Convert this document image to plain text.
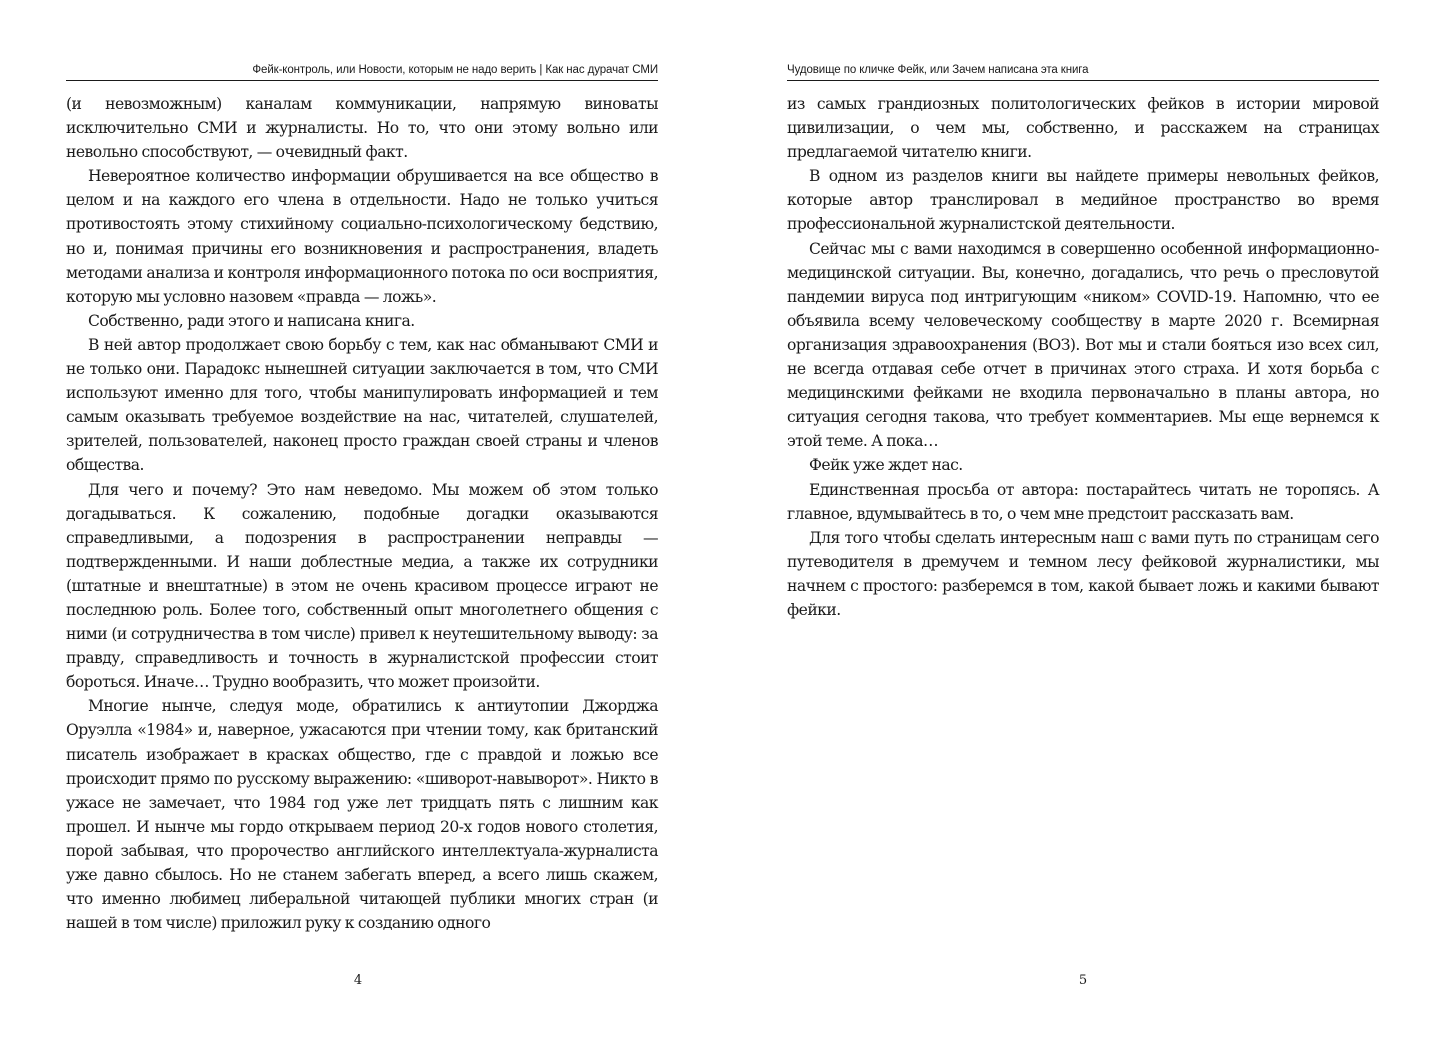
Фейк-контроль, или Новости, которым не надо верить | Как нас дурачат СМИ

(и невозможным) каналам коммуникации, напрямую виноваты исключительно СМИ и журналисты. Но то, что они этому вольно или невольно способствуют, — очевидный факт.

Невероятное количество информации обрушивается на все общество в целом и на каждого его члена в отдельности. Надо не только учиться противостоять этому стихийному социально-психологическому бедствию, но и, понимая причины его возникновения и распространения, владеть методами анализа и контроля информационного потока по оси восприятия, которую мы условно назовем «правда — ложь».

Собственно, ради этого и написана книга.

В ней автор продолжает свою борьбу с тем, как нас обманывают СМИ и не только они. Парадокс нынешней ситуации заключается в том, что СМИ используют именно для того, чтобы манипулировать информацией и тем самым оказывать требуемое воздействие на нас, читателей, слушателей, зрителей, пользователей, наконец просто граждан своей страны и членов общества.

Для чего и почему? Это нам неведомо. Мы можем об этом только догадываться. К сожалению, подобные догадки оказываются справедливыми, а подозрения в распространении неправды — подтвержденными. И наши доблестные медиа, а также их сотрудники (штатные и внештатные) в этом не очень красивом процессе играют не последнюю роль. Более того, собственный опыт многолетнего общения с ними (и сотрудничества в том числе) привел к неутешительному выводу: за правду, справедливость и точность в журналистской профессии стоит бороться. Иначе… Трудно вообразить, что может произойти.

Многие нынче, следуя моде, обратились к антиутопии Джорджа Оруэлла «1984» и, наверное, ужасаются при чтении тому, как британский писатель изображает в красках общество, где с правдой и ложью все происходит прямо по русскому выражению: «шиворот-навыворот». Никто в ужасе не замечает, что 1984 год уже лет тридцать пять с лишним как прошел. И нынче мы гордо открываем период 20-х годов нового столетия, порой забывая, что пророчество английского интеллектуала-журналиста уже давно сбылось. Но не станем забегать вперед, а всего лишь скажем, что именно любимец либеральной читающей публики многих стран (и нашей в том числе) приложил руку к созданию одного

4
Чудовище по кличке Фейк, или Зачем написана эта книга

из самых грандиозных политологических фейков в истории мировой цивилизации, о чем мы, собственно, и расскажем на страницах предлагаемой читателю книги.

В одном из разделов книги вы найдете примеры невольных фейков, которые автор транслировал в медийное пространство во время профессиональной журналистской деятельности.

Сейчас мы с вами находимся в совершенно особенной информационно-медицинской ситуации. Вы, конечно, догадались, что речь о пресловутой пандемии вируса под интригующим «ником» COVID-19. Напомню, что ее объявила всему человеческому сообществу в марте 2020 г. Всемирная организация здравоохранения (ВОЗ). Вот мы и стали бояться изо всех сил, не всегда отдавая себе отчет в причинах этого страха. И хотя борьба с медицинскими фейками не входила первоначально в планы автора, но ситуация сегодня такова, что требует комментариев. Мы еще вернемся к этой теме. А пока…

Фейк уже ждет нас.

Единственная просьба от автора: постарайтесь читать не торопясь. А главное, вдумывайтесь в то, о чем мне предстоит рассказать вам.

Для того чтобы сделать интересным наш с вами путь по страницам сего путеводителя в дремучем и темном лесу фейковой журналистики, мы начнем с простого: разберемся в том, какой бывает ложь и какими бывают фейки.

5
